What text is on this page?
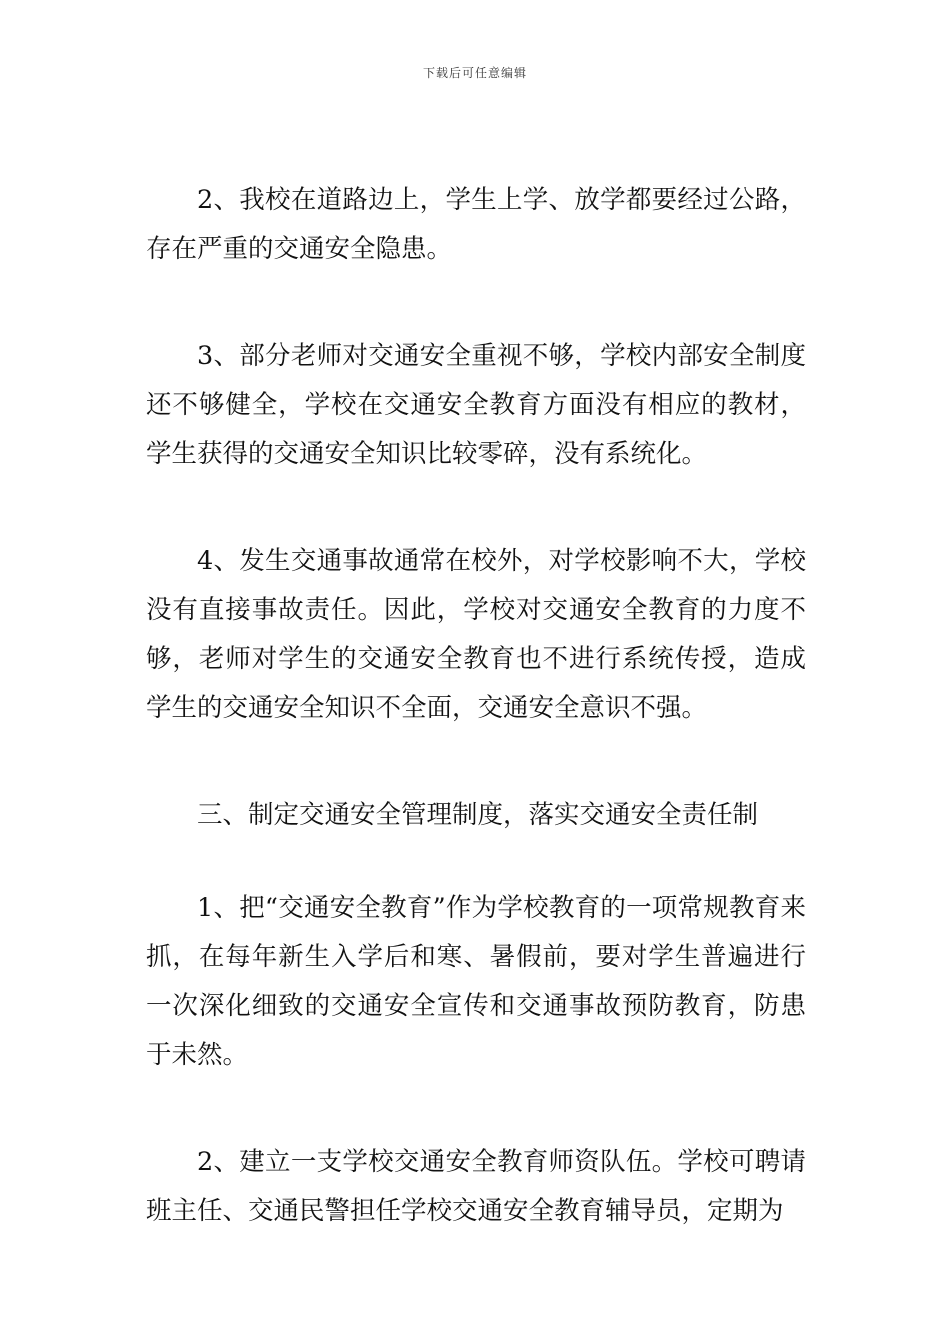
下载后可任意编辑

2、我校在道路边上，学生上学、放学都要经过公路，存在严重的交通安全隐患。

3、部分老师对交通安全重视不够，学校内部安全制度还不够健全，学校在交通安全教育方面没有相应的教材，学生获得的交通安全知识比较零碎，没有系统化。

4、发生交通事故通常在校外，对学校影响不大，学校没有直接事故责任。因此，学校对交通安全教育的力度不够，老师对学生的交通安全教育也不进行系统传授，造成学生的交通安全知识不全面，交通安全意识不强。

三、制定交通安全管理制度，落实交通安全责任制

1、把“交通安全教育”作为学校教育的一项常规教育来抓，在每年新生入学后和寒、暑假前，要对学生普遍进行一次深化细致的交通安全宣传和交通事故预防教育，防患于未然。

2、建立一支学校交通安全教育师资队伍。学校可聘请班主任、交通民警担任学校交通安全教育辅导员，定期为
